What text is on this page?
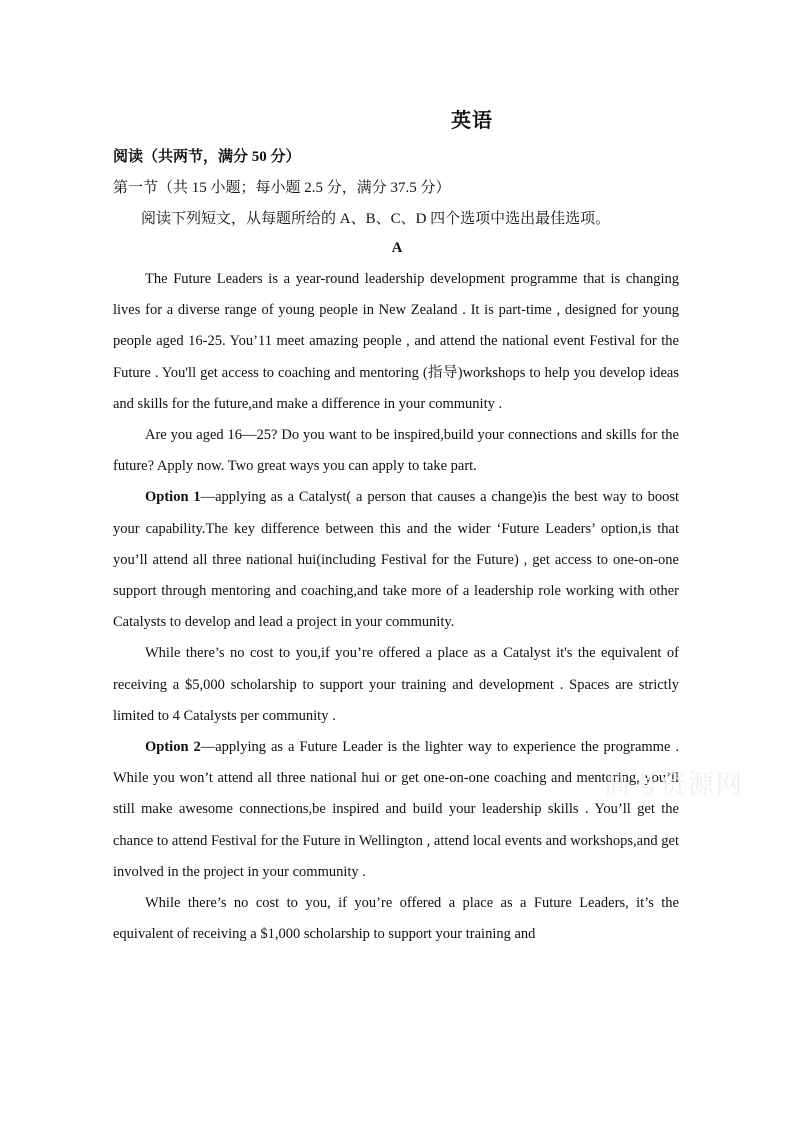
英语
阅读（共两节，满分 50 分）
第一节（共 15 小题；每小题 2.5 分，满分 37.5 分）
阅读下列短文，从每题所给的 A、B、C、D 四个选项中选出最佳选项。
A

The Future Leaders is a year-round leadership development programme that is changing lives for a diverse range of young people in New Zealand . It is part-time , designed for young people aged 16-25. You’11 meet amazing people , and attend the national event Festival for the Future . You'll get access to coaching and mentoring (指导)workshops to help you develop ideas and skills for the future,and make a difference in your community .

Are you aged 16—25? Do you want to be inspired,build your connections and skills for the future? Apply now. Two great ways you can apply to take part.

Option 1—applying as a Catalyst( a person that causes a change)is the best way to boost your capability.The key difference between this and the wider ‘Future Leaders’ option,is that you’ll attend all three national hui(including Festival for the Future) , get access to one-on-one support through mentoring and coaching,and take more of a leadership role working with other Catalysts to develop and lead a project in your community.

While there’s no cost to you,if you’re offered a place as a Catalyst it's the equivalent of receiving a $5,000 scholarship to support your training and development . Spaces are strictly limited to 4 Catalysts per community .

Option 2—applying as a Future Leader is the lighter way to experience the programme . While you won’t attend all three national hui or get one-on-one coaching and mentoring, you’ll still make awesome connections,be inspired and build your leadership skills . You’ll get the chance to attend Festival for the Future in Wellington , attend local events and workshops,and get involved in the project in your community .

While there’s no cost to you, if you’re offered a place as a Future Leaders, it’s the equivalent of receiving a $1,000 scholarship to support your training and

高考资源网
